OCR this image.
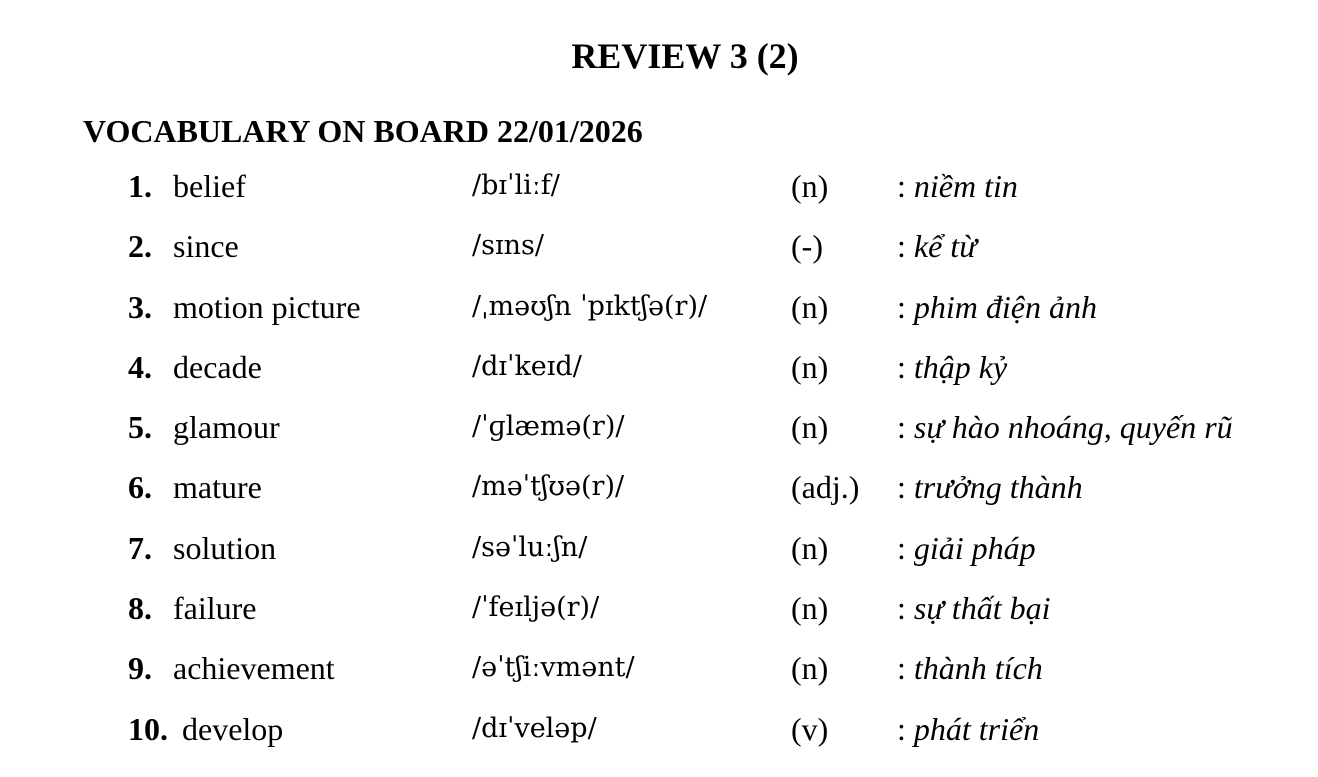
REVIEW 3 (2)
VOCABULARY ON BOARD 22/01/2026
1. belief	/bɪˈliːf/	(n) : niềm tin
2. since	/sɪns/	(-) : kể từ
3. motion picture	/ˌməʊʃn ˈpɪktʃə(r)/	(n) : phim điện ảnh
4. decade	/dɪˈkeɪd/	(n) : thập kỷ
5. glamour	/ˈɡlæmə(r)/	(n) : sự hào nhoáng, quyến rũ
6. mature	/məˈtʃʊə(r)/	(adj.) : trưởng thành
7. solution	/səˈluːʃn/	(n) : giải pháp
8. failure	/ˈfeɪljə(r)/	(n) : sự thất bại
9. achievement	/əˈtʃiːvmənt/	(n) : thành tích
10. develop	/dɪˈveləp/	(v) : phát triển
